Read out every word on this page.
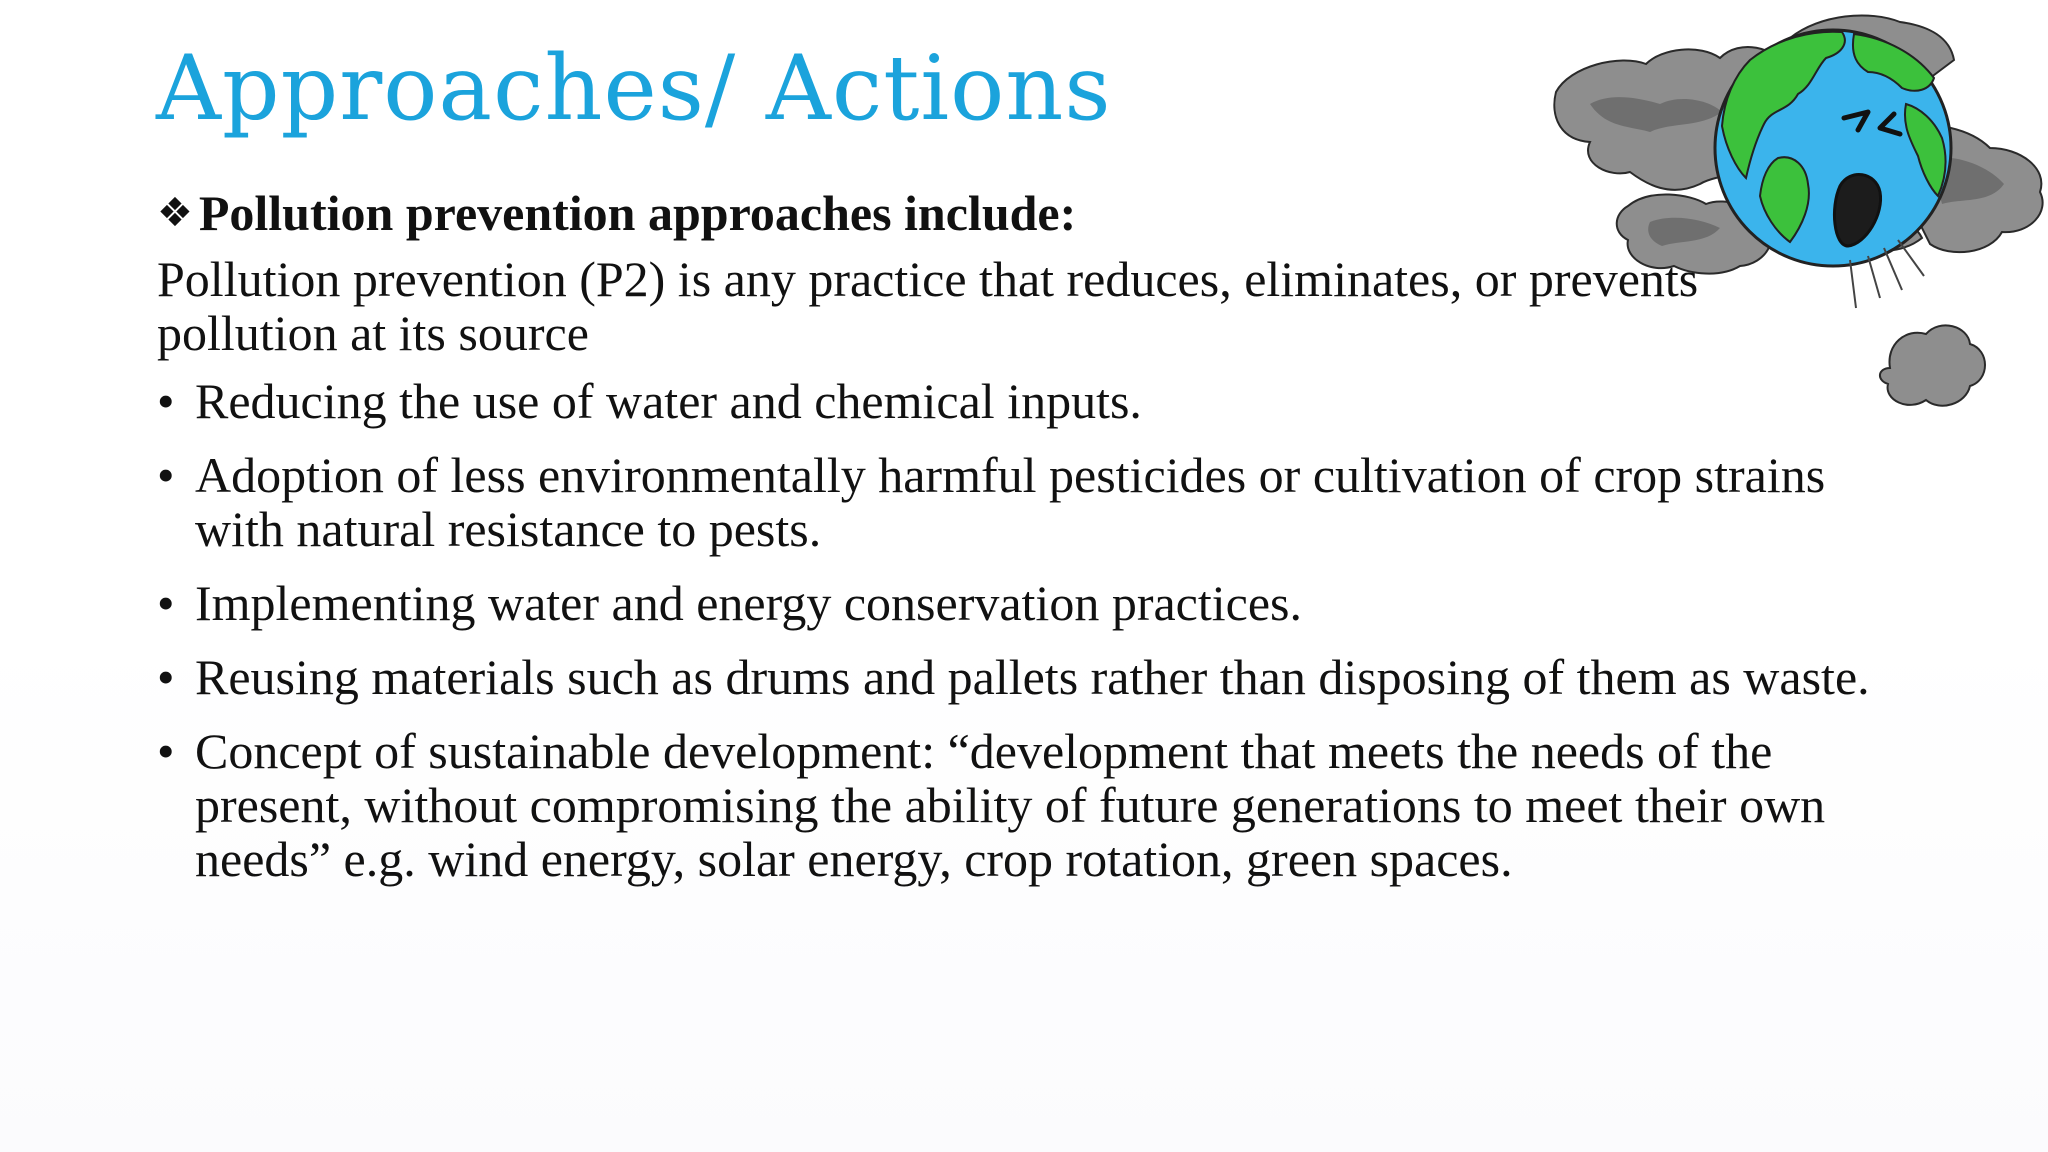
Approaches/ Actions

❖ Pollution prevention approaches include:

Pollution prevention (P2) is any practice that reduces, eliminates, or prevents pollution at its source

• Reducing the use of water and chemical inputs.
• Adoption of less environmentally harmful pesticides or cultivation of crop strains with natural resistance to pests.
• Implementing water and energy conservation practices.
• Reusing materials such as drums and pallets rather than disposing of them as waste.
• Concept of sustainable development: “development that meets the needs of the present, without compromising the ability of future generations to meet their own needs” e.g. wind energy, solar energy, crop rotation, green spaces.
